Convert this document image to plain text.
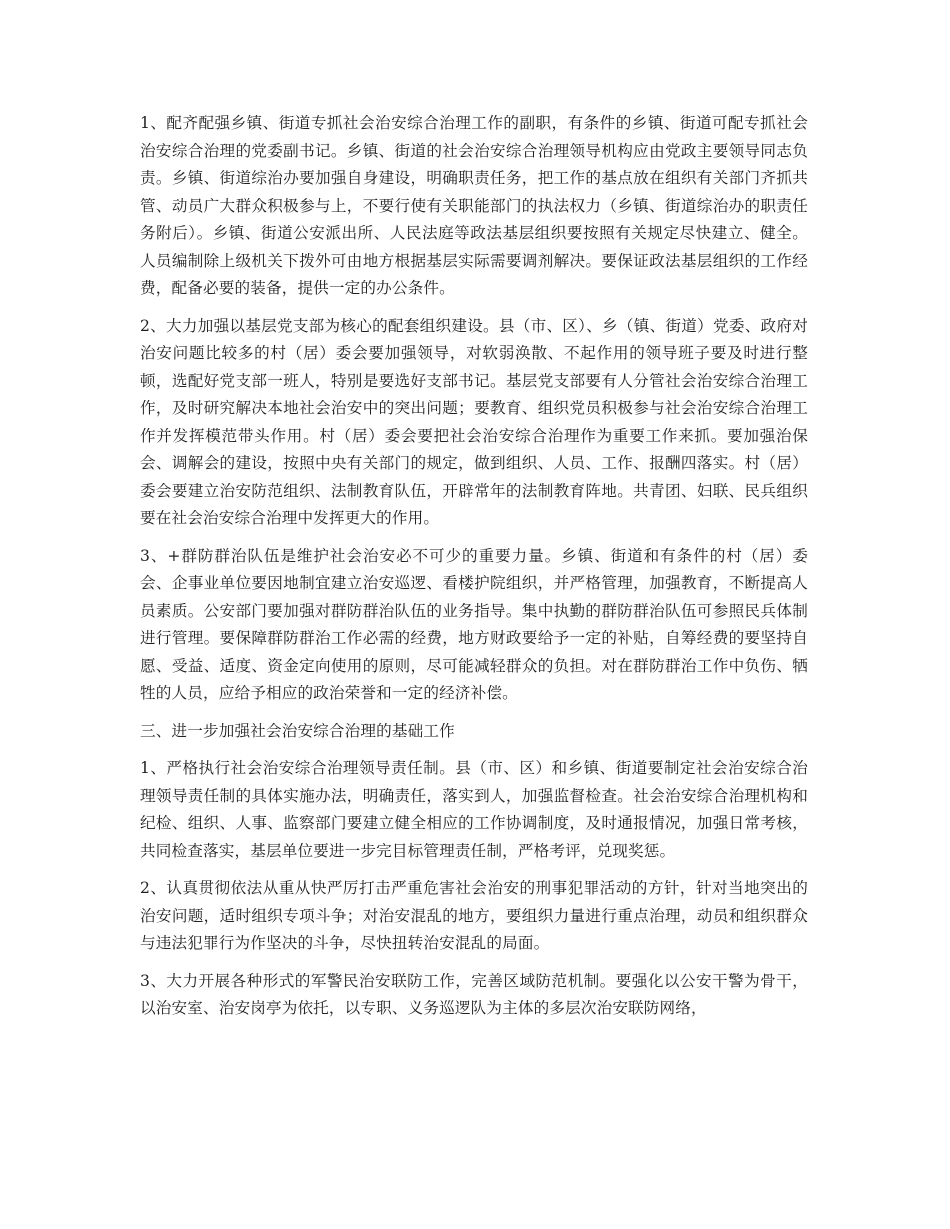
1、配齐配强乡镇、街道专抓社会治安综合治理工作的副职，有条件的乡镇、街道可配专抓社会治安综合治理的党委副书记。乡镇、街道的社会治安综合治理领导机构应由党政主要领导同志负责。乡镇、街道综治办要加强自身建设，明确职责任务，把工作的基点放在组织有关部门齐抓共管、动员广大群众积极参与上，不要行使有关职能部门的执法权力（乡镇、街道综治办的职责任务附后）。乡镇、街道公安派出所、人民法庭等政法基层组织要按照有关规定尽快建立、健全。人员编制除上级机关下拨外可由地方根据基层实际需要调剂解决。要保证政法基层组织的工作经费，配备必要的装备，提供一定的办公条件。

2、大力加强以基层党支部为核心的配套组织建设。县（市、区）、乡（镇、街道）党委、政府对治安问题比较多的村（居）委会要加强领导，对软弱涣散、不起作用的领导班子要及时进行整顿，选配好党支部一班人，特别是要选好支部书记。基层党支部要有人分管社会治安综合治理工作，及时研究解决本地社会治安中的突出问题；要教育、组织党员积极参与社会治安综合治理工作并发挥模范带头作用。村（居）委会要把社会治安综合治理作为重要工作来抓。要加强治保会、调解会的建设，按照中央有关部门的规定，做到组织、人员、工作、报酬四落实。村（居）委会要建立治安防范组织、法制教育队伍，开辟常年的法制教育阵地。共青团、妇联、民兵组织要在社会治安综合治理中发挥更大的作用。

3、+群防群治队伍是维护社会治安必不可少的重要力量。乡镇、街道和有条件的村（居）委会、企事业单位要因地制宜建立治安巡逻、看楼护院组织，并严格管理，加强教育，不断提高人员素质。公安部门要加强对群防群治队伍的业务指导。集中执勤的群防群治队伍可参照民兵体制进行管理。要保障群防群治工作必需的经费，地方财政要给予一定的补贴，自筹经费的要坚持自愿、受益、适度、资金定向使用的原则，尽可能减轻群众的负担。对在群防群治工作中负伤、牺牲的人员，应给予相应的政治荣誉和一定的经济补偿。

三、进一步加强社会治安综合治理的基础工作

1、严格执行社会治安综合治理领导责任制。县（市、区）和乡镇、街道要制定社会治安综合治理领导责任制的具体实施办法，明确责任，落实到人，加强监督检查。社会治安综合治理机构和纪检、组织、人事、监察部门要建立健全相应的工作协调制度，及时通报情况，加强日常考核，共同检查落实，基层单位要进一步完目标管理责任制，严格考评，兑现奖惩。

2、认真贯彻依法从重从快严厉打击严重危害社会治安的刑事犯罪活动的方针，针对当地突出的治安问题，适时组织专项斗争；对治安混乱的地方，要组织力量进行重点治理，动员和组织群众与违法犯罪行为作坚决的斗争，尽快扭转治安混乱的局面。

3、大力开展各种形式的军警民治安联防工作，完善区域防范机制。要强化以公安干警为骨干，以治安室、治安岗亭为依托，以专职、义务巡逻队为主体的多层次治安联防网络，
